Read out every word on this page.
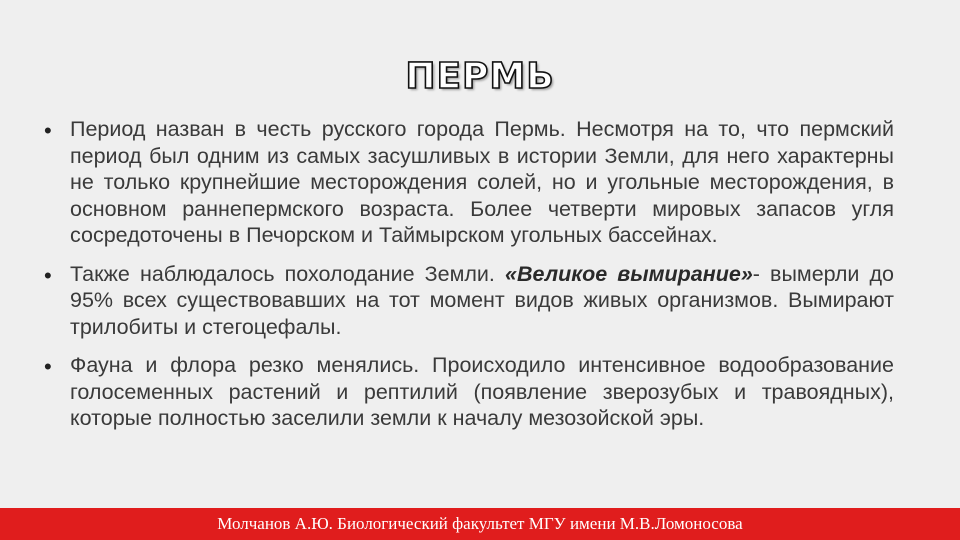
ПЕРМЬ
• Период назван в честь русского города Пермь. Несмотря на то, что пермский период был одним из самых засушливых в истории Земли, для него характерны не только крупнейшие месторождения солей, но и угольные месторождения, в основном раннепермского возраста. Более четверти мировых запасов угля сосредоточены в Печорском и Таймырском угольных бассейнах.
• Также наблюдалось похолодание Земли. «Великое вымирание»- вымерли до 95% всех существовавших на тот момент видов живых организмов. Вымирают трилобиты и стегоцефалы.
• Фауна и флора резко менялись. Происходило интенсивное водообразование голосеменных растений и рептилий (появление зверозубых и травоядных), которые полностью заселили земли к началу мезозойской эры.
Молчанов А.Ю. Биологический факультет МГУ имени М.В.Ломоносова
